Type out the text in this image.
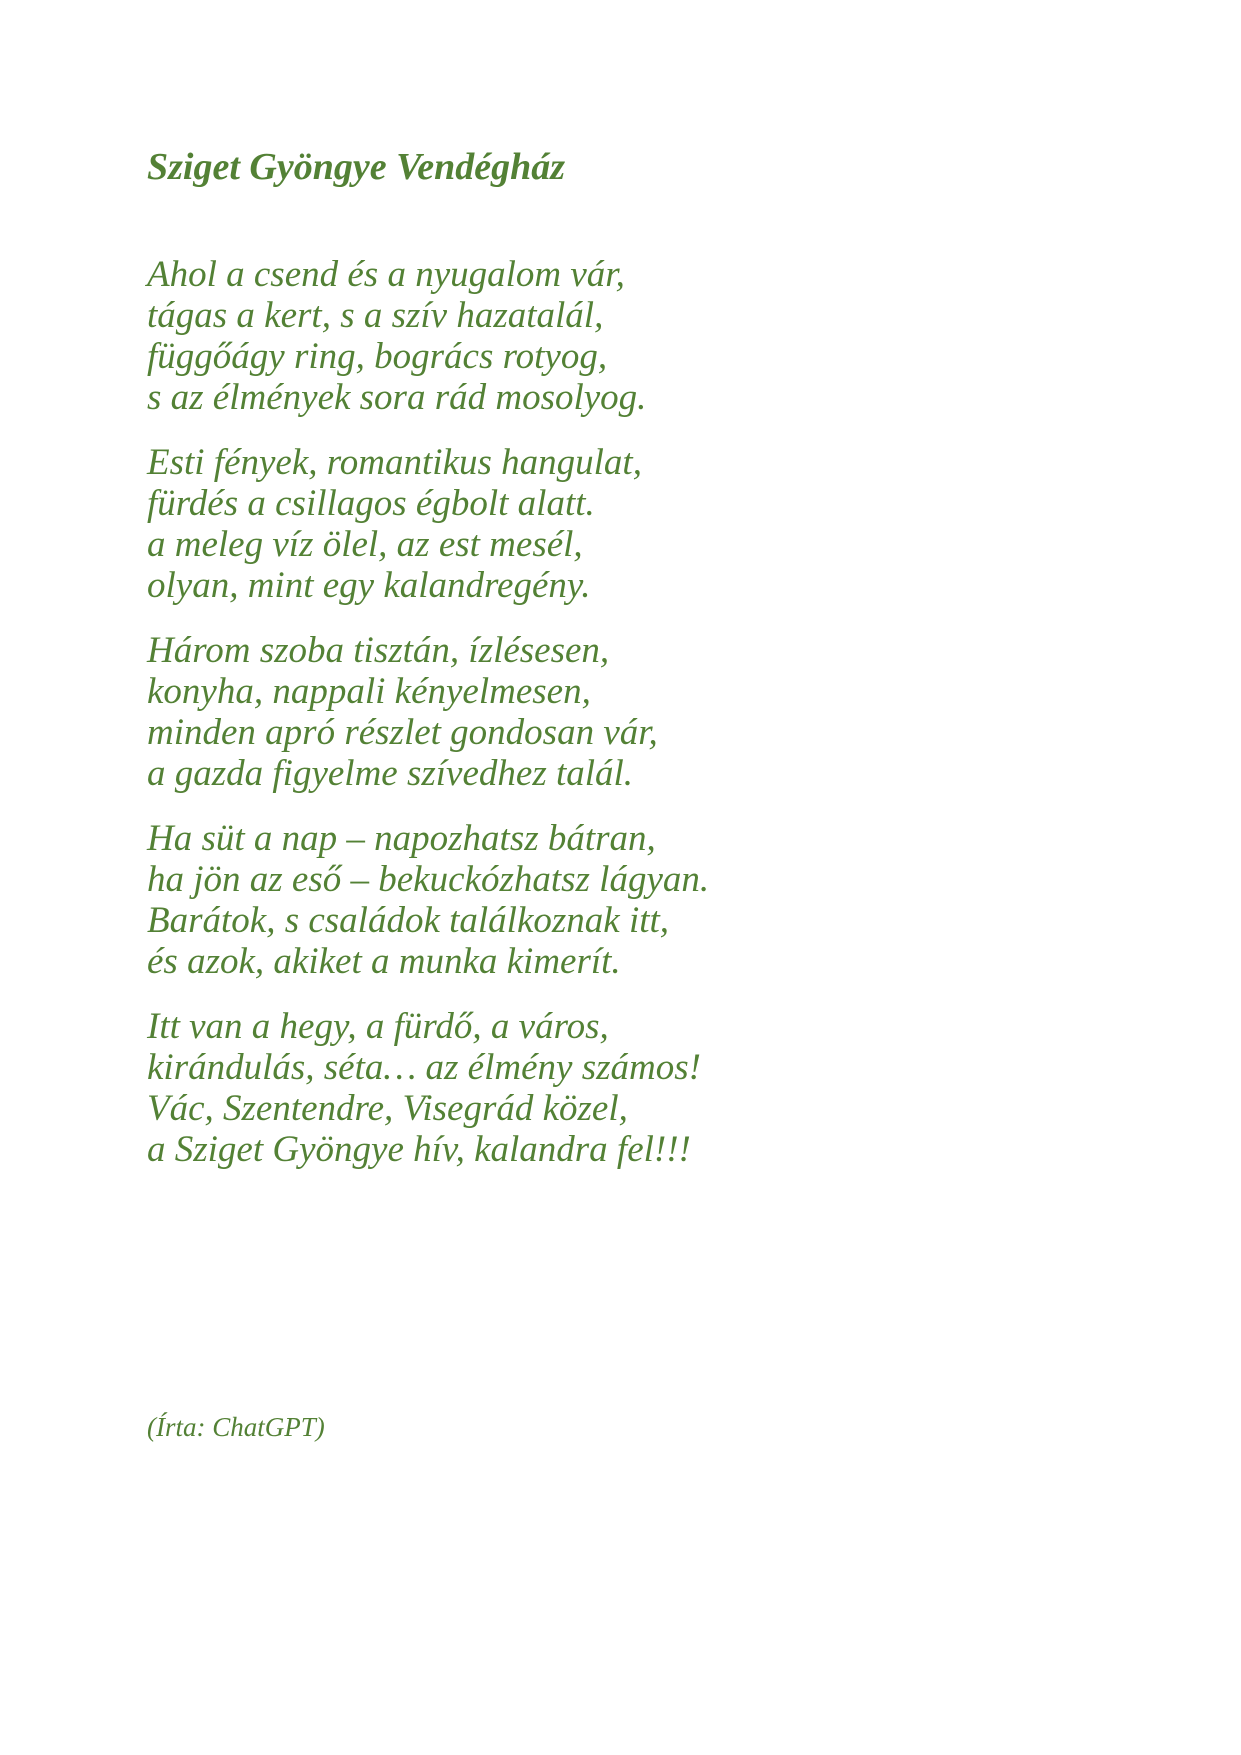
Sziget Gyöngye Vendégház
Ahol a csend és a nyugalom vár,
tágas a kert, s a szív hazatalál,
függőágy ring, bogrács rotyog,
s az élmények sora rád mosolyog.
Esti fények, romantikus hangulat,
fürdés a csillagos égbolt alatt.
a meleg víz ölel, az est mesél,
olyan, mint egy kalandregény.
Három szoba tisztán, ízlésesen,
konyha, nappali kényelmesen,
minden apró részlet gondosan vár,
a gazda figyelme szívedhez talál.
Ha süt a nap – napozhatsz bátran,
ha jön az eső – bekuckózhatsz lágyan.
Barátok, s családok találkoznak itt,
és azok, akiket a munka kimerít.
Itt van a hegy, a fürdő, a város,
kirándulás, séta… az élmény számos!
Vác, Szentendre, Visegrád közel,
a Sziget Gyöngye hív, kalandra fel!!!

(Írta: ChatGPT)
